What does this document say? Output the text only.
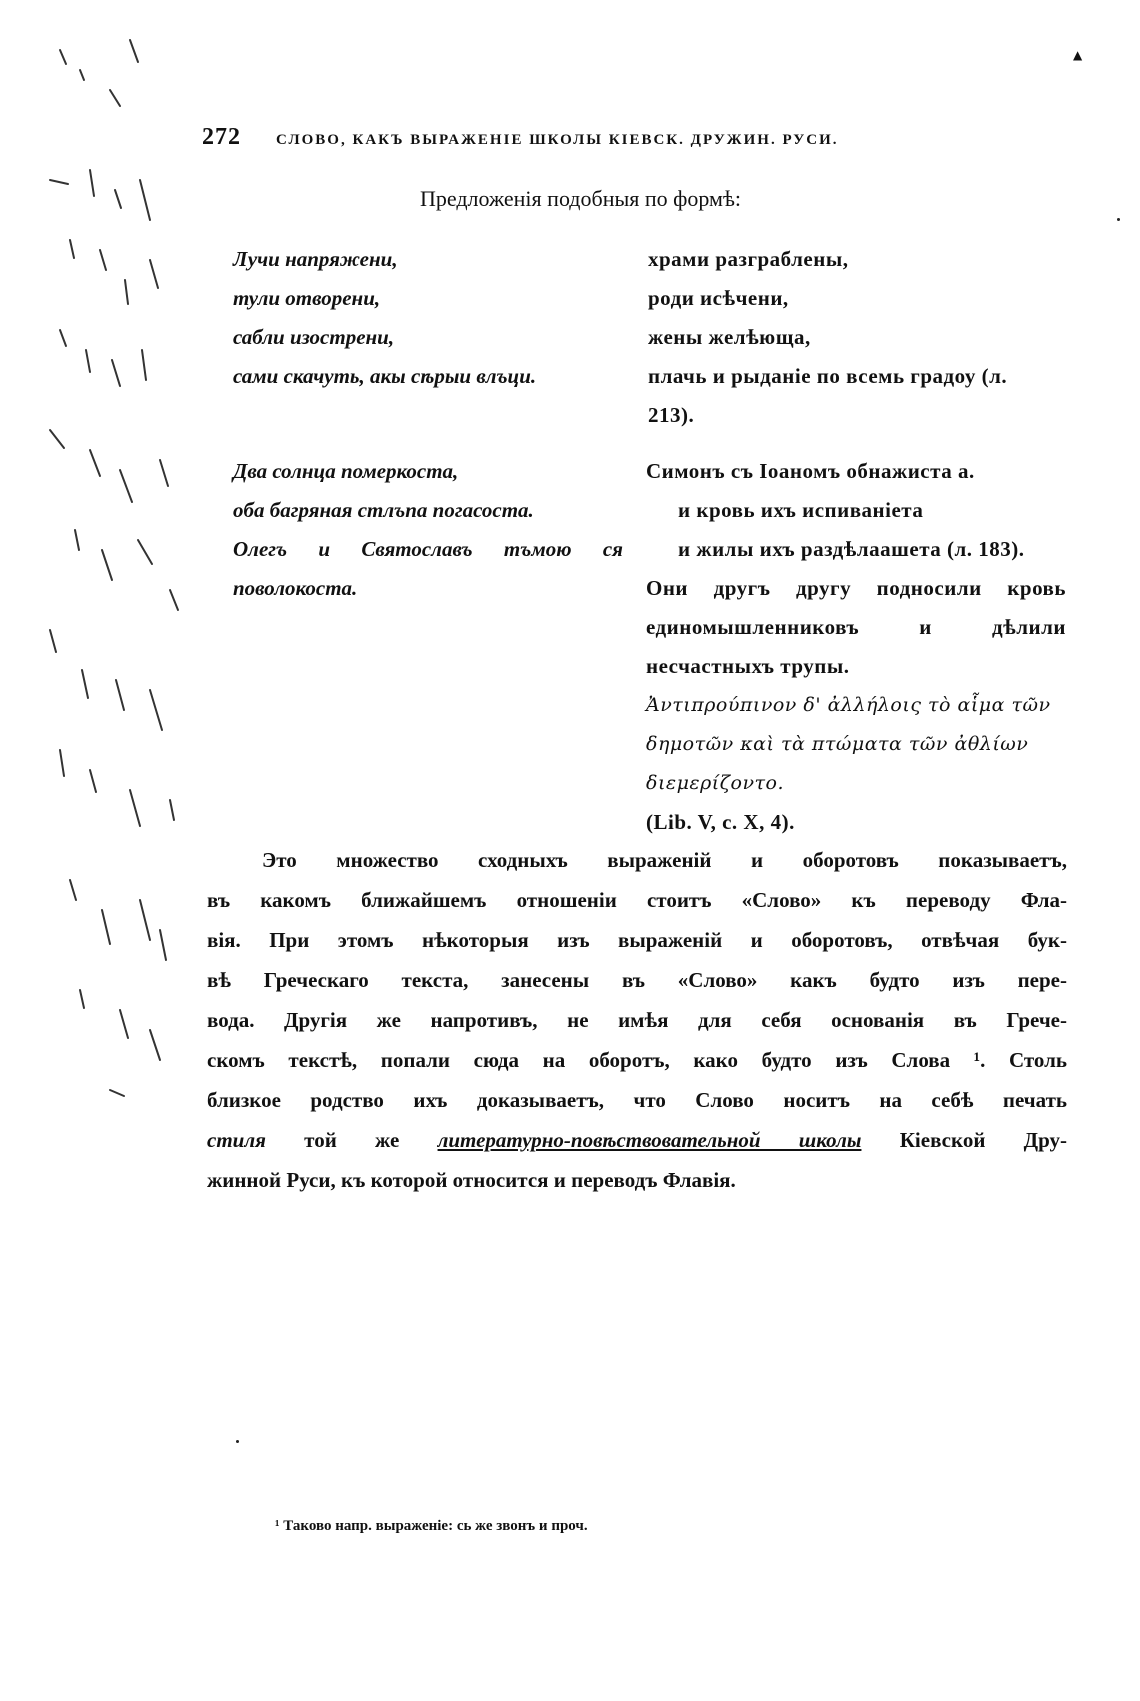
▲
272 СЛОВО, КАКЪ ВЫРАЖЕНІЕ ШКОЛЫ КІЕВСК. ДРУЖИН. РУСИ.
Предложенія подобныя по формѣ:
Лучи напряжени,
тули отворени,
сабли изострени,
сами скачуть, акы сѣрыи влъци.
храми разграблены,
роди исѣчени,
жены желѣюща,
плачь и рыданіе по всемь градоу (л. 213).
Два солнца померкоста,
оба багряная стлъпа погасоста.
Олегъ и Святославъ тъмою ся поволокоста.
Симонъ съ Іоаномъ обнажиста а.
и кровь ихъ испиваніета
и жилы ихъ раздѣлаашета (л. 183).
Они другъ другу подносили кровь единомышленниковъ и дѣлили несчастныхъ трупы.
Ἀντιπρούπινον δ' ἀλλήλοις τὸ αἷμα τῶν δημοτῶν καὶ τὰ πτώματα τῶν ἀθλίων διεμερίζοντο.
(Lib. V, c. X, 4).
Это множество сходныхъ выраженій и оборотовъ показываетъ,
въ какомъ ближайшемъ отношеніи стоитъ «Слово» къ переводу Фла-
вія. При этомъ нѣкоторыя изъ выраженій и оборотовъ, отвѣчая бук-
вѣ Греческаго текста, занесены въ «Слово» какъ будто изъ пере-
вода. Другія же напротивъ, не имѣя для себя основанія въ Грече-
скомъ текстѣ, попали сюда на оборотъ, како будто изъ Слова ¹. Столь
близкое родство ихъ доказываетъ, что Слово носитъ на себѣ печать
стиля той же литературно-повѣствовательной школы Кіевской Дру-
жинной Руси, къ которой относится и переводъ Флавія.
¹ Таково напр. выраженіе: сь же звонъ и проч.
